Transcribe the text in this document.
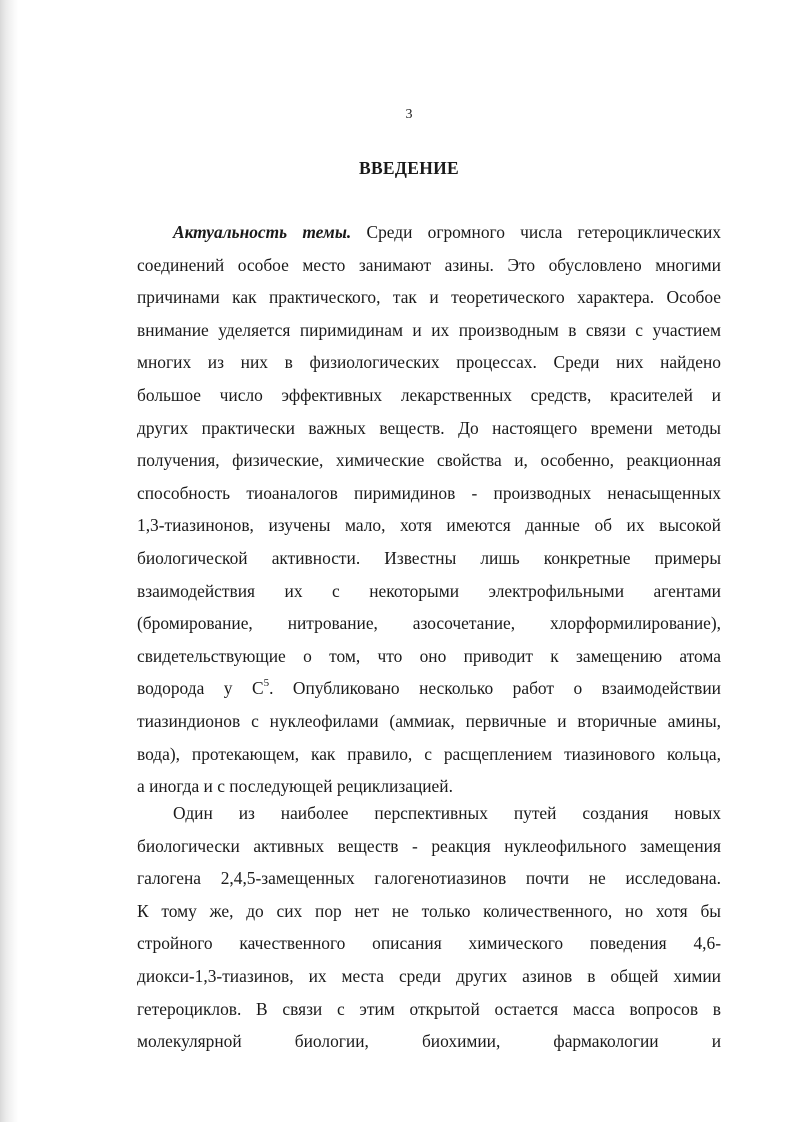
3
ВВЕДЕНИЕ

Актуальность темы. Среди огромного числа гетероциклических
соединений особое место занимают азины. Это обусловлено многими
причинами как практического, так и теоретического характера. Особое
внимание уделяется пиримидинам и их производным в связи с участием
многих из них в физиологических процессах. Среди них найдено
большое число эффективных лекарственных средств, красителей и
других практически важных веществ. До настоящего времени методы
получения, физические, химические свойства и, особенно, реакционная
способность тиоаналогов пиримидинов - производных ненасыщенных
1,3-тиазинонов, изучены мало, хотя имеются данные об их высокой
биологической активности. Известны лишь конкретные примеры
взаимодействия их с некоторыми электрофильными агентами
(бромирование, нитрование, азосочетание, хлорформилирование),
свидетельствующие о том, что оно приводит к замещению атома
водорода у $C^5$. Опубликовано несколько работ о взаимодействии
тиазиндионов с нуклеофилами (аммиак, первичные и вторичные амины,
вода), протекающем, как правило, с расщеплением тиазинового кольца,
а иногда и с последующей рециклизацией.

Один из наиболее перспективных путей создания новых
биологически активных веществ - реакция нуклеофильного замещения
галогена 2,4,5-замещенных галогенотиазинов почти не исследована.
К тому же, до сих пор нет не только количественного, но хотя бы
стройного качественного описания химического поведения 4,6-
диокси-1,3-тиазинов, их места среди других азинов в общей химии
гетероциклов. В связи с этим открытой остается масса вопросов в
молекулярной биологии, биохимии, фармакологии и
